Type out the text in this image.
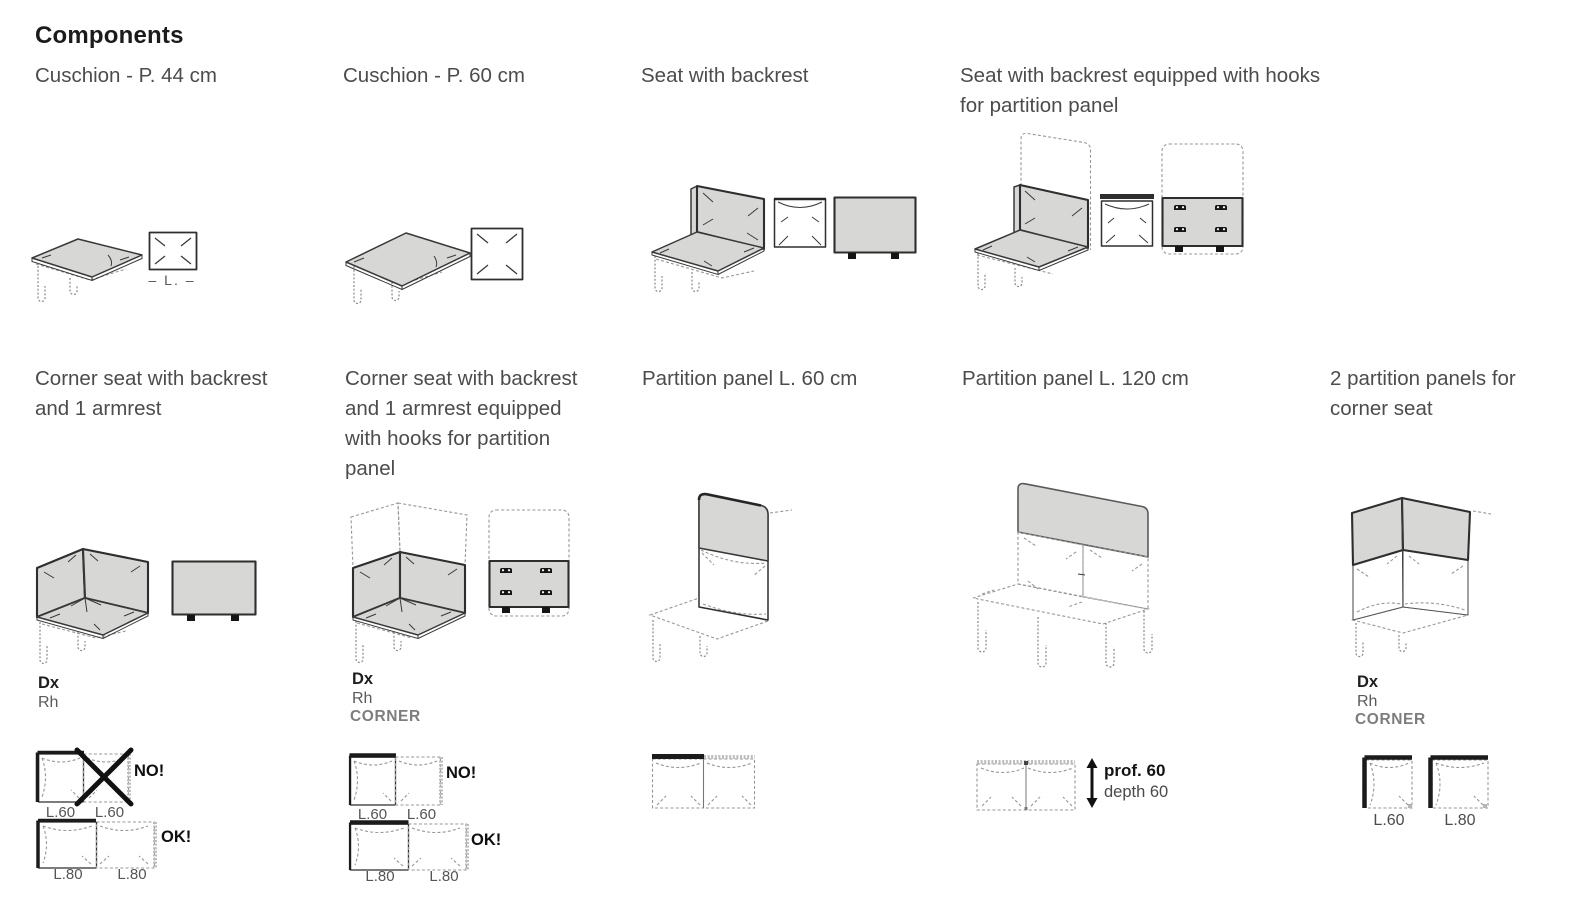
Components
Cuschion - P. 44 cm	Cuschion - P. 60 cm	Seat with backrest	Seat with backrest equipped with hooks for partition panel
– L. –
Corner seat with backrest and 1 armrest
Corner seat with backrest and 1 armrest equipped with hooks for partition panel
Partition panel L. 60 cm	Partition panel L. 120 cm	2 partition panels for corner seat
Dx
Rh
L.60	L.60
NO!
L.80	L.80
OK!
Dx
Rh
CORNER
L.60	L.60
NO!
L.80	L.80
OK!
prof. 60
depth 60
Dx
Rh
CORNER
L.60	L.80
